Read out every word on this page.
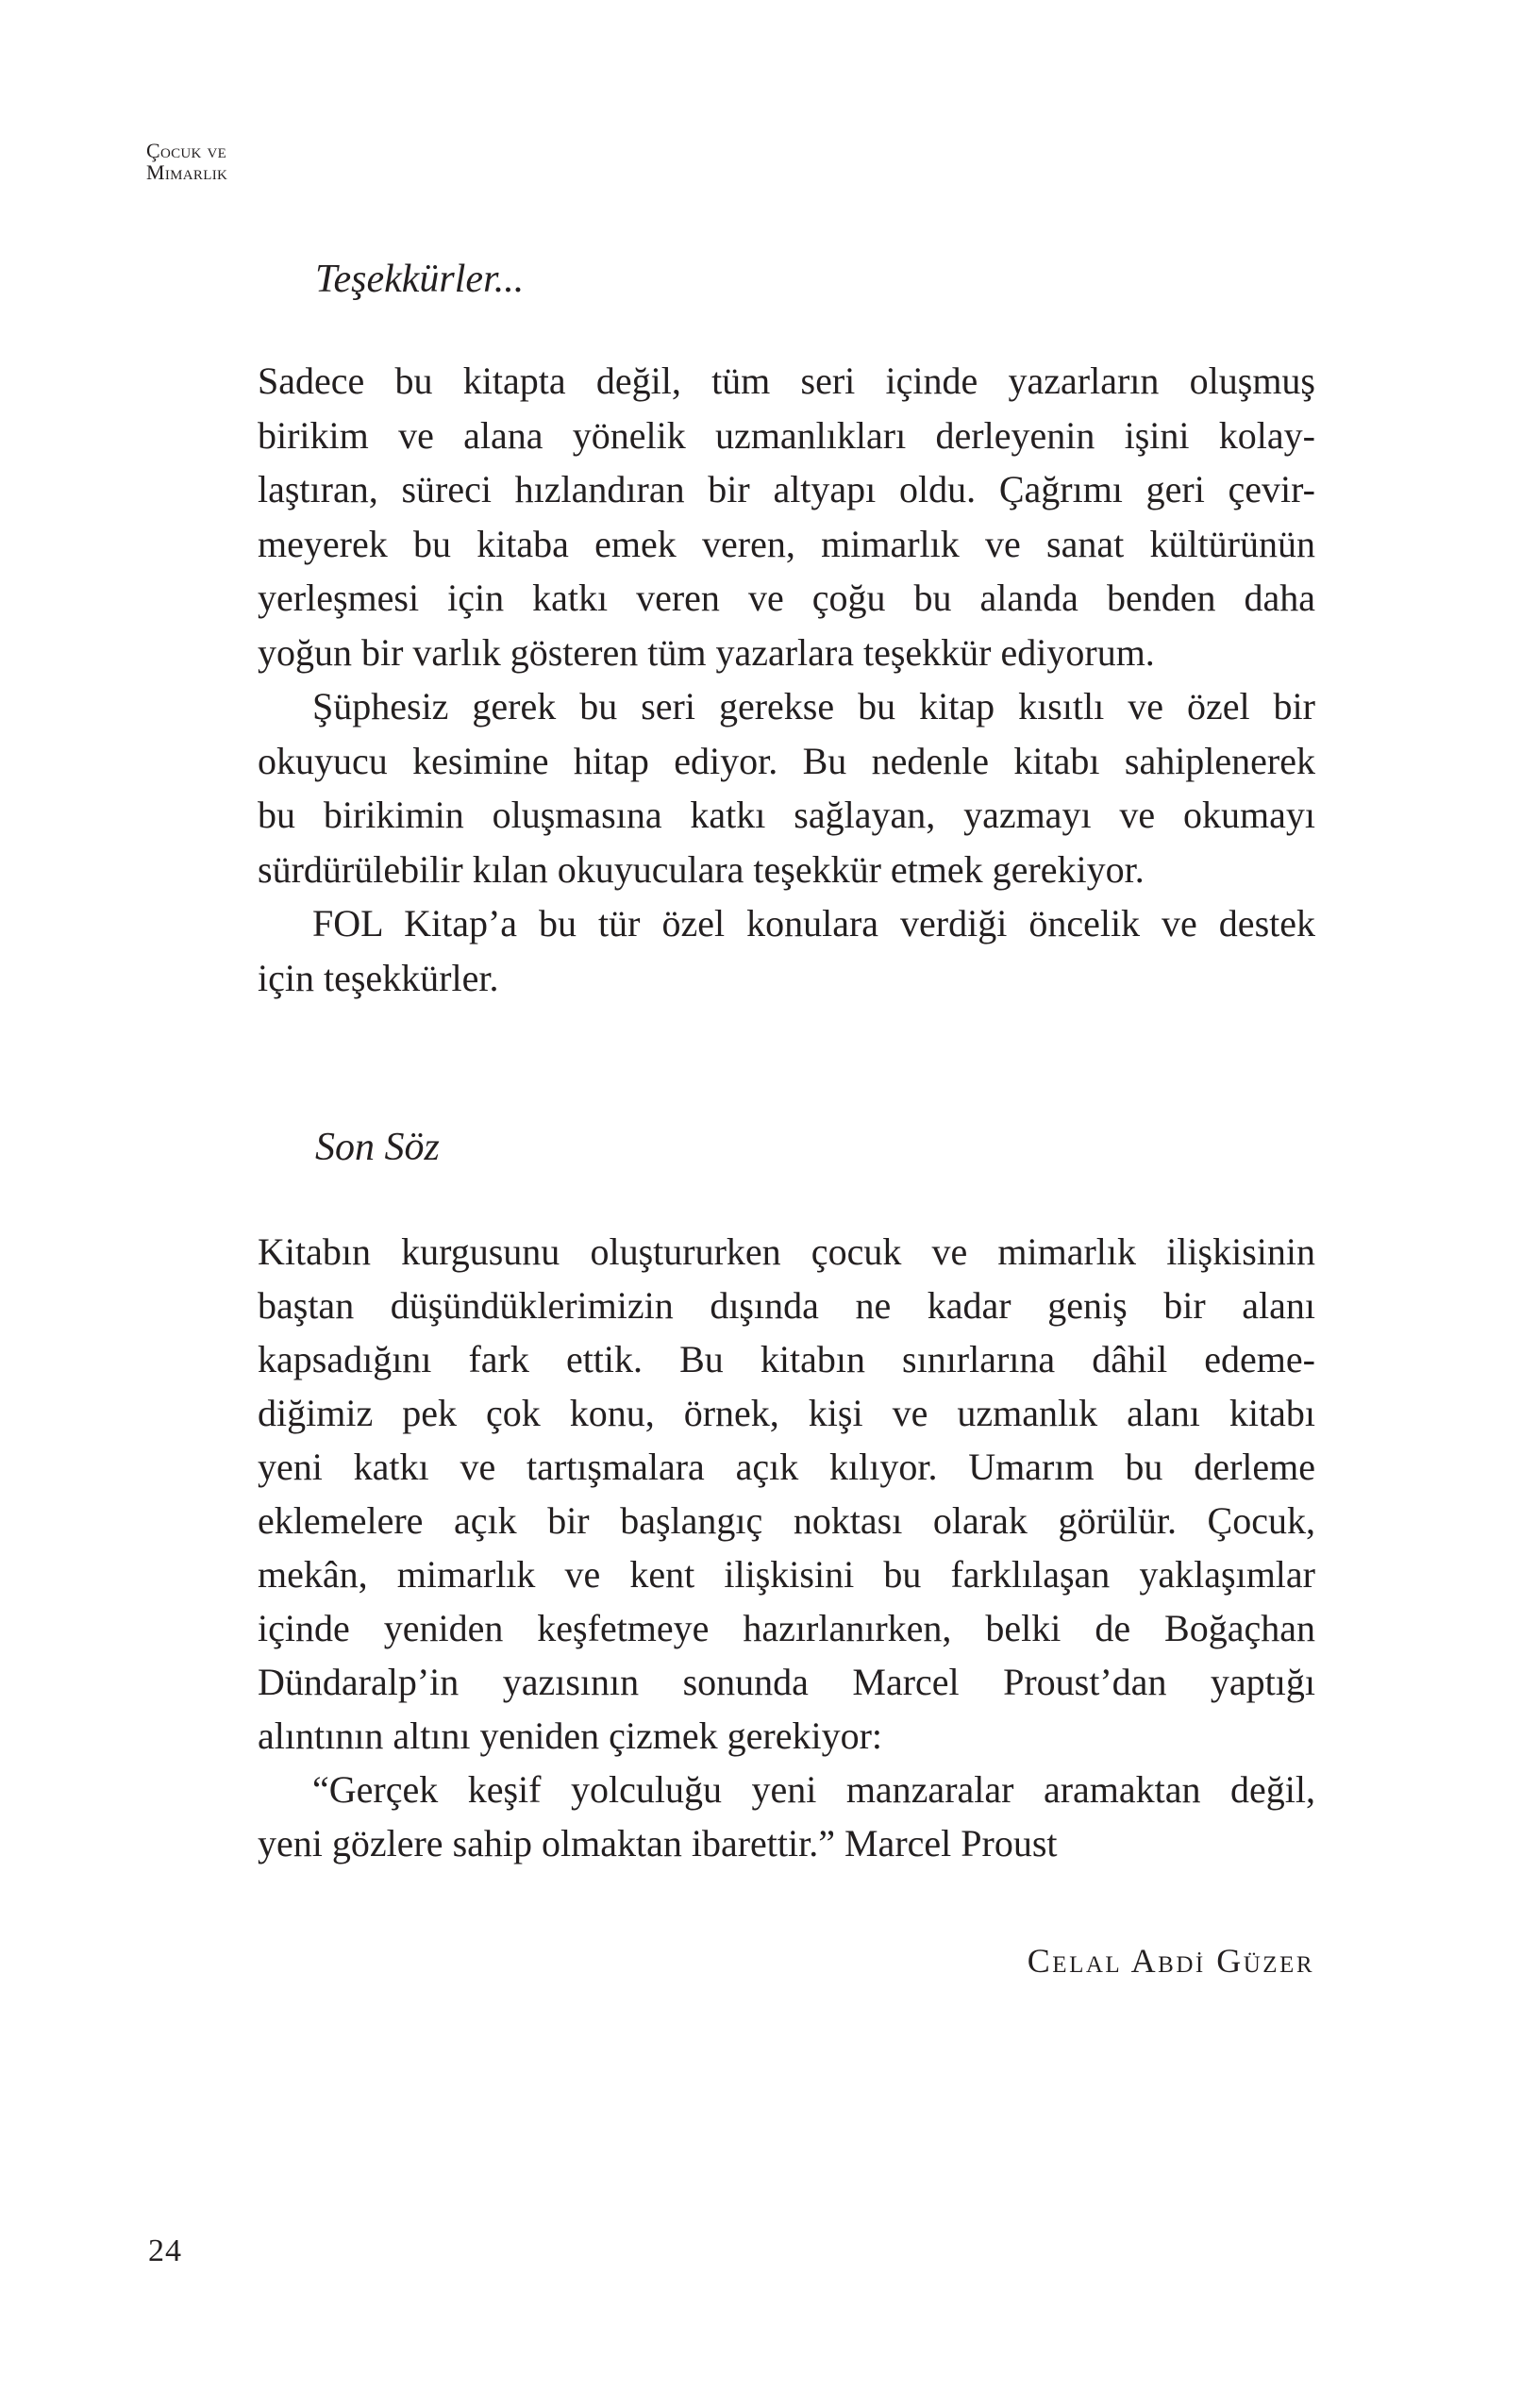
Çocuk ve
Mimarlık
Teşekkürler...
Sadece bu kitapta değil, tüm seri içinde yazarların oluşmuş
birikim ve alana yönelik uzmanlıkları derleyenin işini kolay-
laştıran, süreci hızlandıran bir altyapı oldu. Çağrımı geri çevir-
meyerek bu kitaba emek veren, mimarlık ve sanat kültürünün
yerleşmesi için katkı veren ve çoğu bu alanda benden daha
yoğun bir varlık gösteren tüm yazarlara teşekkür ediyorum.
Şüphesiz gerek bu seri gerekse bu kitap kısıtlı ve özel bir
okuyucu kesimine hitap ediyor. Bu nedenle kitabı sahiplenerek
bu birikimin oluşmasına katkı sağlayan, yazmayı ve okumayı
sürdürülebilir kılan okuyuculara teşekkür etmek gerekiyor.
FOL Kitap’a bu tür özel konulara verdiği öncelik ve destek
için teşekkürler.
Son Söz
Kitabın kurgusunu oluştururken çocuk ve mimarlık ilişkisinin
baştan düşündüklerimizin dışında ne kadar geniş bir alanı
kapsadığını fark ettik. Bu kitabın sınırlarına dâhil edeme-
diğimiz pek çok konu, örnek, kişi ve uzmanlık alanı kitabı
yeni katkı ve tartışmalara açık kılıyor. Umarım bu derleme
eklemelere açık bir başlangıç noktası olarak görülür. Çocuk,
mekân, mimarlık ve kent ilişkisini bu farklılaşan yaklaşımlar
içinde yeniden keşfetmeye hazırlanırken, belki de Boğaçhan
Dündaralp’in yazısının sonunda Marcel Proust’dan yaptığı
alıntının altını yeniden çizmek gerekiyor:
“Gerçek keşif yolculuğu yeni manzaralar aramaktan değil,
yeni gözlere sahip olmaktan ibarettir.” Marcel Proust
Celal Abdi̇ Güzer
24
